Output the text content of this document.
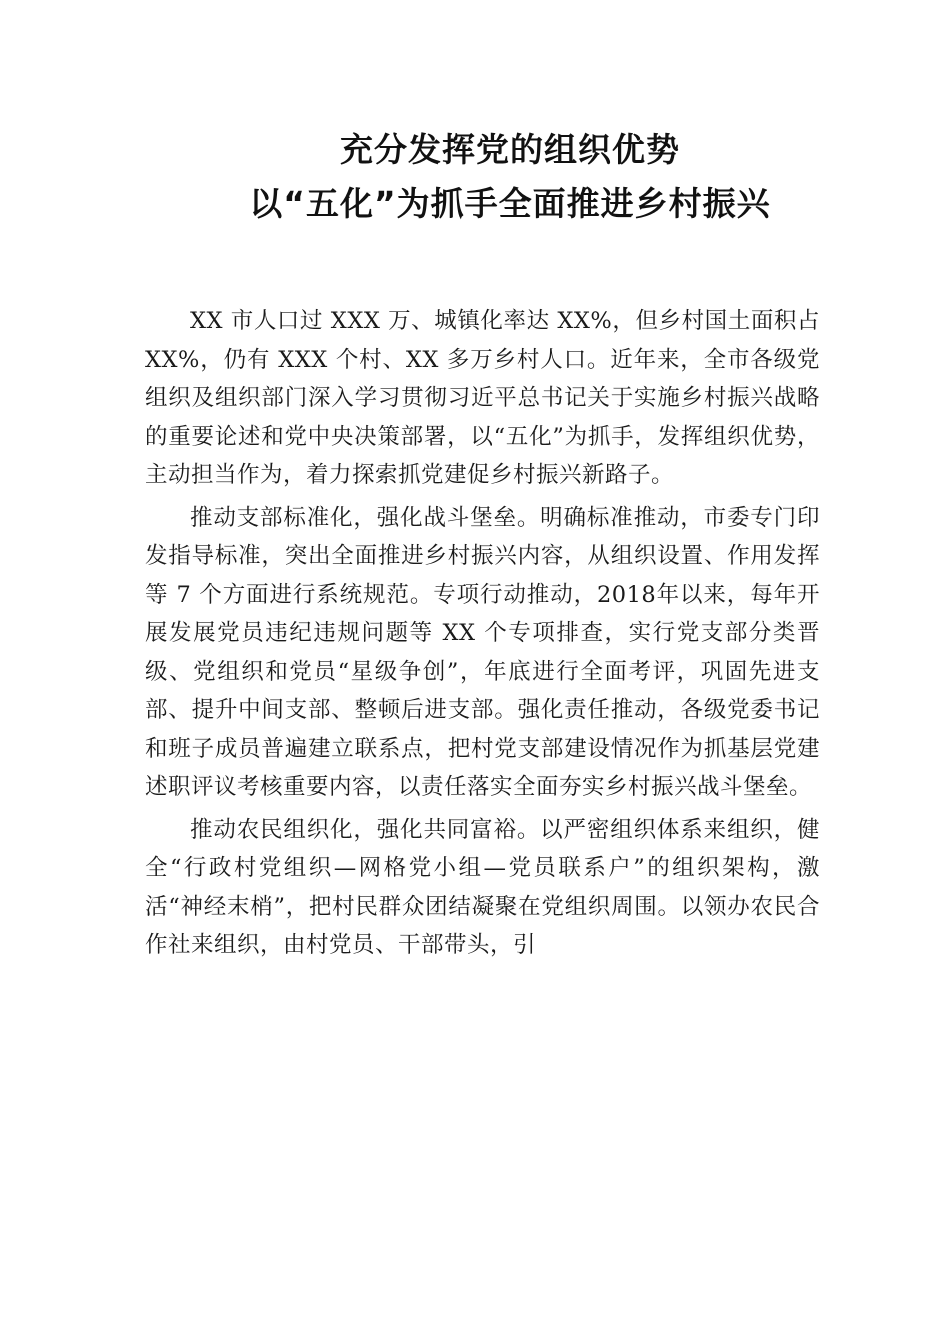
充分发挥党的组织优势
以“五化”为抓手全面推进乡村振兴

XX 市人口过 XXX 万、城镇化率达 XX%，但乡村国土面积占 XX%，仍有 XXX 个村、XX 多万乡村人口。近年来，全市各级党组织及组织部门深入学习贯彻习近平总书记关于实施乡村振兴战略的重要论述和党中央决策部署，以“五化”为抓手，发挥组织优势，主动担当作为，着力探索抓党建促乡村振兴新路子。

推动支部标准化，强化战斗堡垒。明确标准推动，市委专门印发指导标准，突出全面推进乡村振兴内容，从组织设置、作用发挥等 7 个方面进行系统规范。专项行动推动，2018年以来，每年开展发展党员违纪违规问题等 XX 个专项排查，实行党支部分类晋级、党组织和党员“星级争创”，年底进行全面考评，巩固先进支部、提升中间支部、整顿后进支部。强化责任推动，各级党委书记和班子成员普遍建立联系点，把村党支部建设情况作为抓基层党建述职评议考核重要内容，以责任落实全面夯实乡村振兴战斗堡垒。

推动农民组织化，强化共同富裕。以严密组织体系来组织，健全“行政村党组织—网格党小组—党员联系户”的组织架构，激活“神经末梢”，把村民群众团结凝聚在党组织周围。以领办农民合作社来组织，由村党员、干部带头，引
